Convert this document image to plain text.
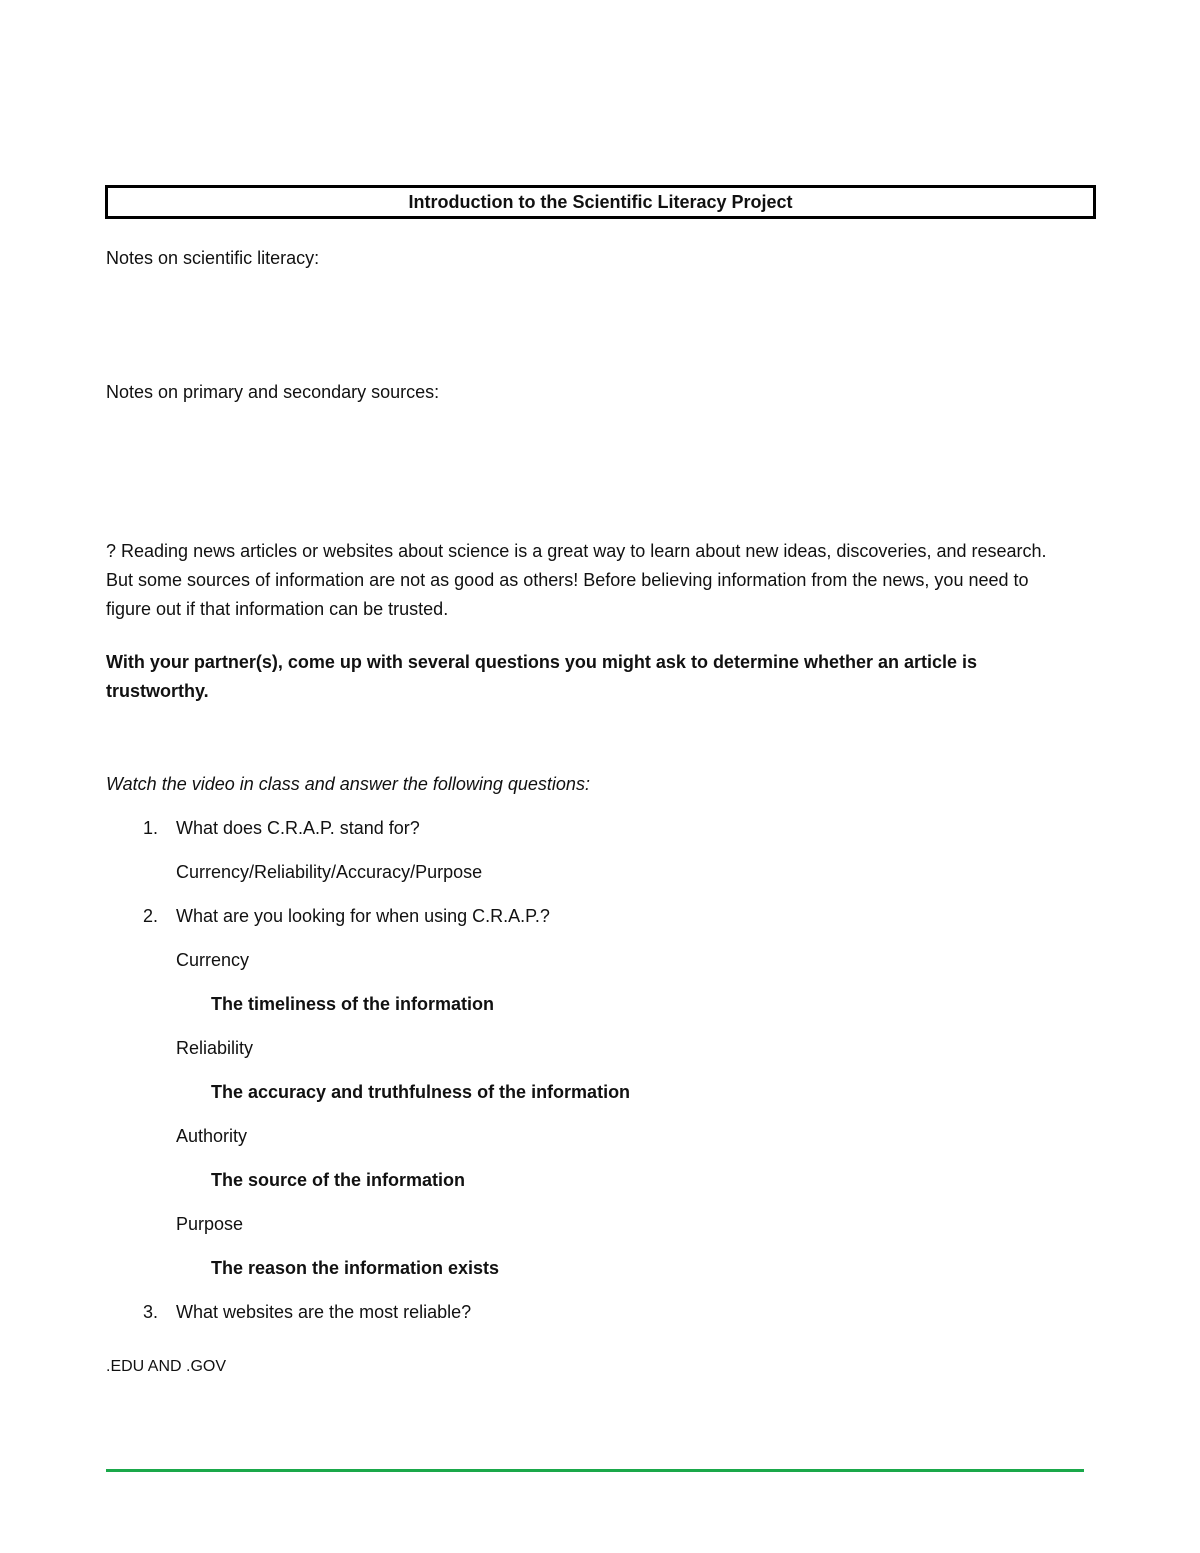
Introduction to the Scientific Literacy Project
Notes on scientific literacy:
Notes on primary and secondary sources:
? Reading news articles or websites about science is a great way to learn about new ideas, discoveries, and research. But some sources of information are not as good as others! Before believing information from the news, you need to figure out if that information can be trusted.
With your partner(s), come up with several questions you might ask to determine whether an article is trustworthy.
Watch the video in class and answer the following questions:
1. What does C.R.A.P. stand for?
Currency/Reliability/Accuracy/Purpose
2. What are you looking for when using C.R.A.P.?
Currency
The timeliness of the information
Reliability
The accuracy and truthfulness of the information
Authority
The source of the information
Purpose
The reason the information exists
3. What websites are the most reliable?
.EDU AND .GOV
